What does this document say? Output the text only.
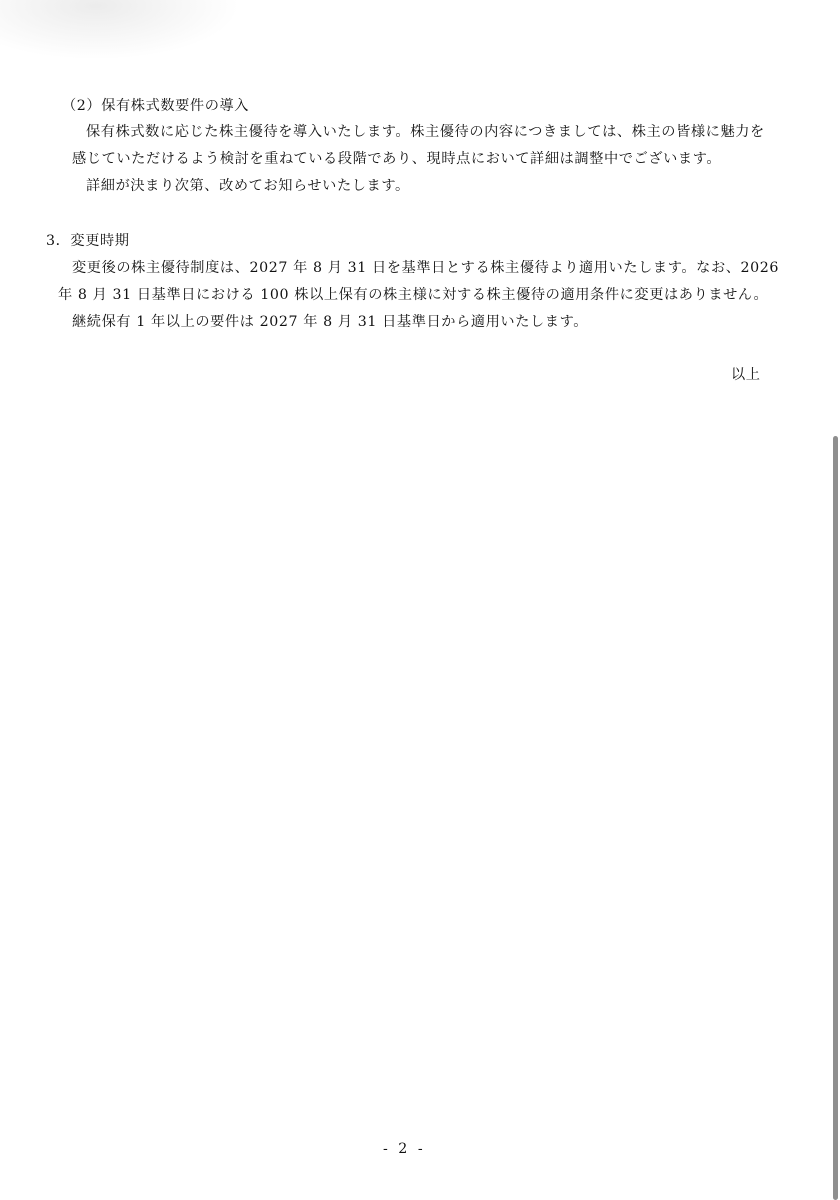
（2）保有株式数要件の導入
保有株式数に応じた株主優待を導入いたします。株主優待の内容につきましては、株主の皆様に魅力を
感じていただけるよう検討を重ねている段階であり、現時点において詳細は調整中でございます。
詳細が決まり次第、改めてお知らせいたします。
3．変更時期
変更後の株主優待制度は、2027 年 8 月 31 日を基準日とする株主優待より適用いたします。なお、2026
年 8 月 31 日基準日における 100 株以上保有の株主様に対する株主優待の適用条件に変更はありません。
継続保有 1 年以上の要件は 2027 年 8 月 31 日基準日から適用いたします。
以上
- 2 -
